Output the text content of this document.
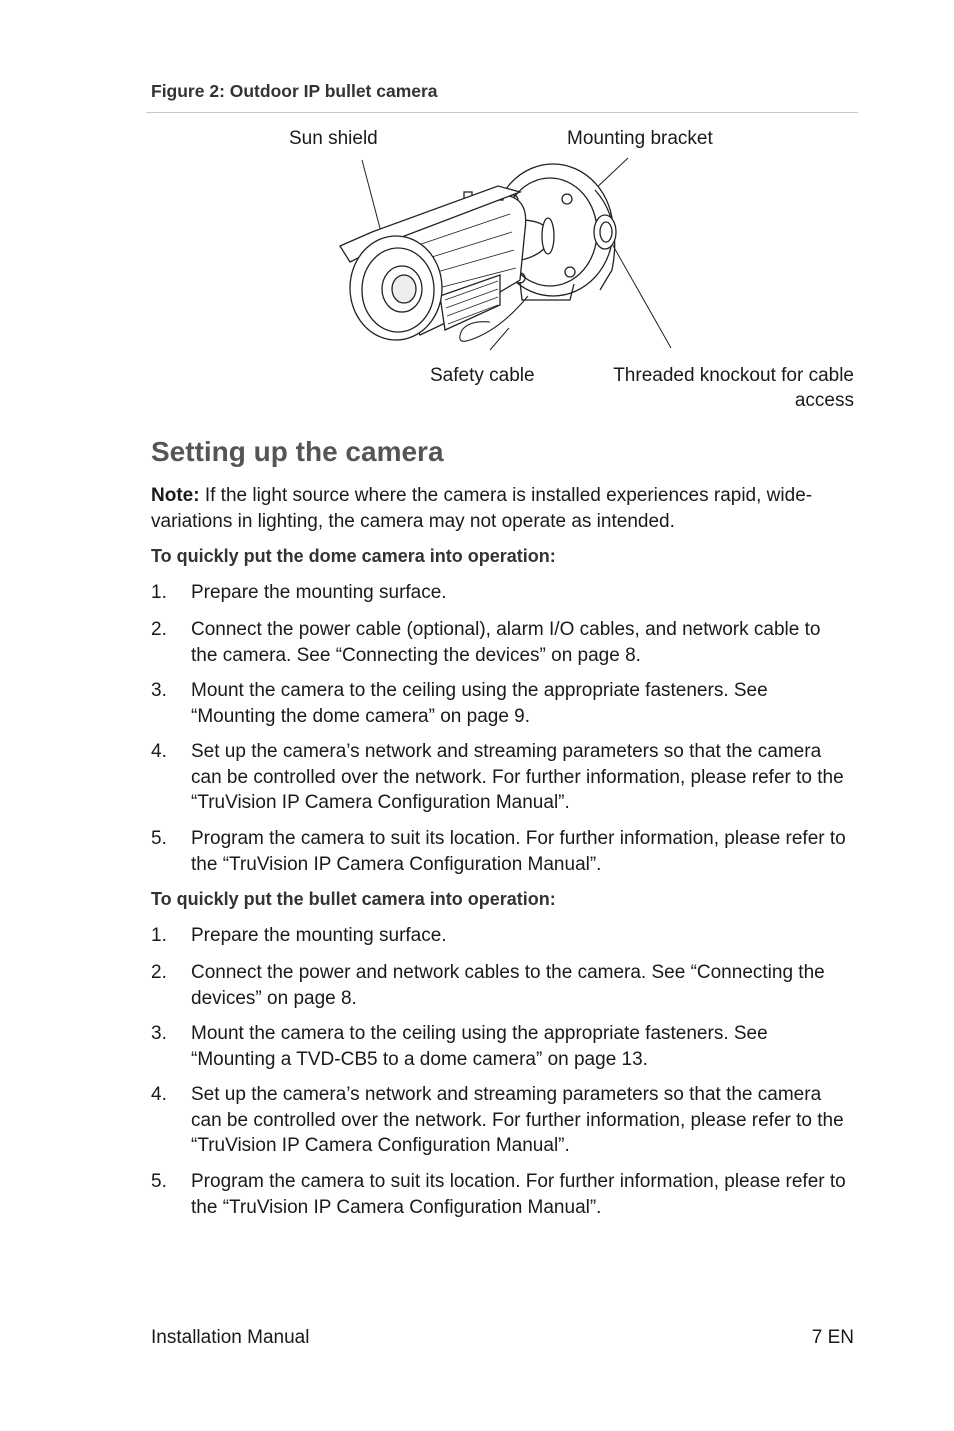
Figure 2: Outdoor IP bullet camera
Sun shield	Mounting bracket
Safety cable	Threaded knockout for cable
access
Setting up the camera
Note: If the light source where the camera is installed experiences rapid, wide-variations in lighting, the camera may not operate as intended.
To quickly put the dome camera into operation:
1. Prepare the mounting surface.
2. Connect the power cable (optional), alarm I/O cables, and network cable to the camera. See “Connecting the devices” on page 8.
3. Mount the camera to the ceiling using the appropriate fasteners. See “Mounting the dome camera” on page 9.
4. Set up the camera’s network and streaming parameters so that the camera can be controlled over the network. For further information, please refer to the “TruVision IP Camera Configuration Manual”.
5. Program the camera to suit its location. For further information, please refer to the “TruVision IP Camera Configuration Manual”.
To quickly put the bullet camera into operation:
1. Prepare the mounting surface.
2. Connect the power and network cables to the camera. See “Connecting the devices” on page 8.
3. Mount the camera to the ceiling using the appropriate fasteners. See “Mounting a TVD-CB5 to a dome camera” on page 13.
4. Set up the camera’s network and streaming parameters so that the camera can be controlled over the network. For further information, please refer to the “TruVision IP Camera Configuration Manual”.
5. Program the camera to suit its location. For further information, please refer to the “TruVision IP Camera Configuration Manual”.
Installation Manual	7 EN
